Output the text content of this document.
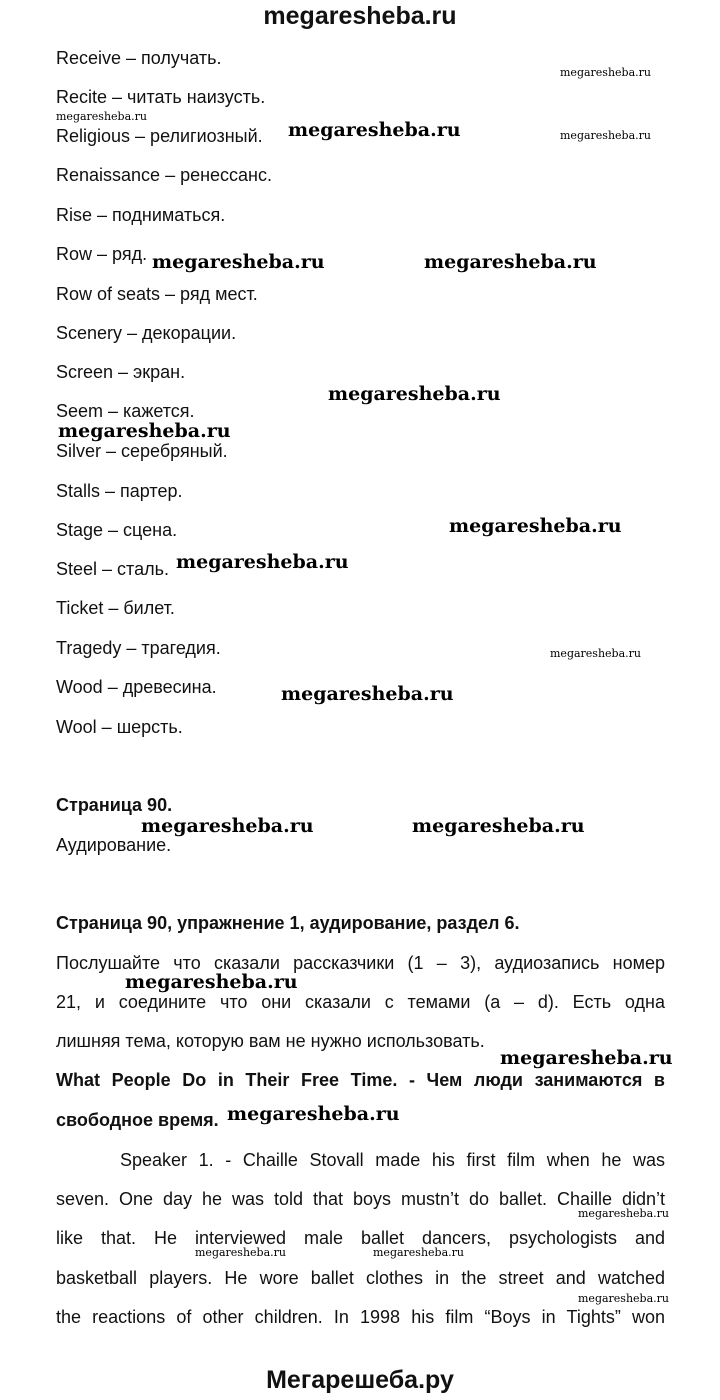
megaresheba.ru
Receive – получать.
Recite – читать наизусть.
Religious – религиозный.
Renaissance – ренессанс.
Rise – подниматься.
Row – ряд.
Row of seats – ряд мест.
Scenery – декорации.
Screen – экран.
Seem – кажется.
Silver – серебряный.
Stalls – партер.
Stage – сцена.
Steel – сталь.
Ticket – билет.
Tragedy – трагедия.
Wood – древесина.
Wool – шерсть.
Страница 90.
Аудирование.
Страница 90, упражнение 1, аудирование, раздел 6.
Послушайте что сказали рассказчики (1 – 3), аудиозапись номер
21, и соедините что они сказали с темами (a – d). Есть одна
лишняя тема, которую вам не нужно использовать.
What People Do in Their Free Time. - Чем люди занимаются в
свободное время.
Speaker 1. - Chaille Stovall made his first film when he was
seven. One day he was told that boys mustn’t do ballet. Chaille didn’t
like that. He interviewed male ballet dancers, psychologists and
basketball players. He wore ballet clothes in the street and watched
the reactions of other children. In 1998 his film “Boys in Tights” won
megaresheba.ru
megaresheba.ru
megaresheba.ru	megaresheba.ru
megaresheba.ru	megaresheba.ru
megaresheba.ru
megaresheba.ru
megaresheba.ru
megaresheba.ru
megaresheba.ru
megaresheba.ru
megaresheba.ru	megaresheba.ru
megaresheba.ru
megaresheba.ru
megaresheba.ru
megaresheba.ru
megaresheba.ru	megaresheba.ru
megaresheba.ru
Мегарешеба.ру
